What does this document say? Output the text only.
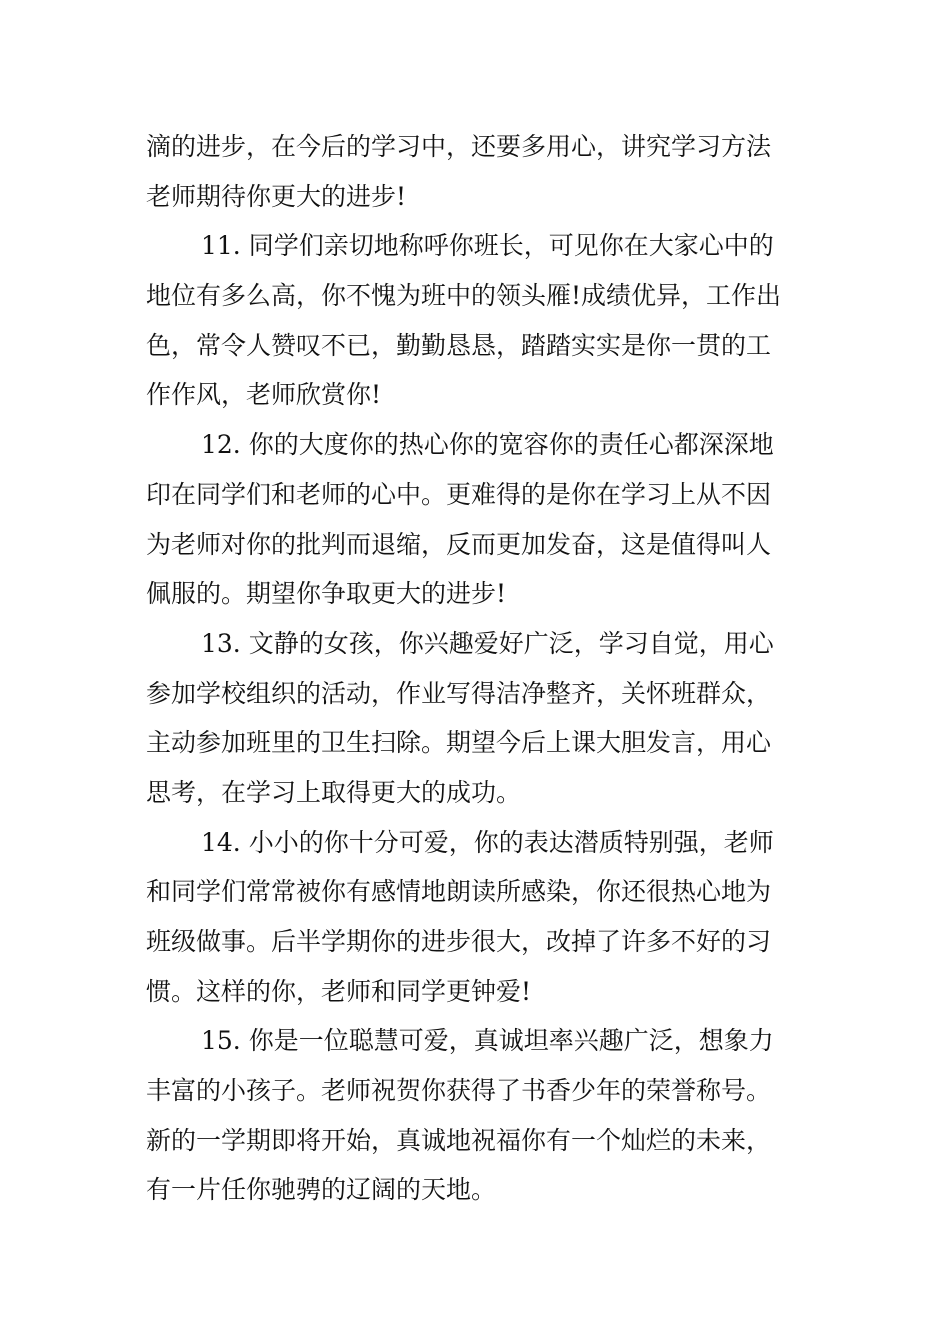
滴的进步，在今后的学习中，还要多用心，讲究学习方法
老师期待你更大的进步!
11. 同学们亲切地称呼你班长，可见你在大家心中的
地位有多么高，你不愧为班中的领头雁!成绩优异，工作出
色，常令人赞叹不已，勤勤恳恳，踏踏实实是你一贯的工
作作风，老师欣赏你!
12. 你的大度你的热心你的宽容你的责任心都深深地
印在同学们和老师的心中。更难得的是你在学习上从不因
为老师对你的批判而退缩，反而更加发奋，这是值得叫人
佩服的。期望你争取更大的进步!
13. 文静的女孩，你兴趣爱好广泛，学习自觉，用心
参加学校组织的活动，作业写得洁净整齐，关怀班群众，
主动参加班里的卫生扫除。期望今后上课大胆发言，用心
思考，在学习上取得更大的成功。
14. 小小的你十分可爱，你的表达潜质特别强，老师
和同学们常常被你有感情地朗读所感染，你还很热心地为
班级做事。后半学期你的进步很大，改掉了许多不好的习
惯。这样的你，老师和同学更钟爱!
15. 你是一位聪慧可爱，真诚坦率兴趣广泛，想象力
丰富的小孩子。老师祝贺你获得了书香少年的荣誉称号。
新的一学期即将开始，真诚地祝福你有一个灿烂的未来，
有一片任你驰骋的辽阔的天地。
